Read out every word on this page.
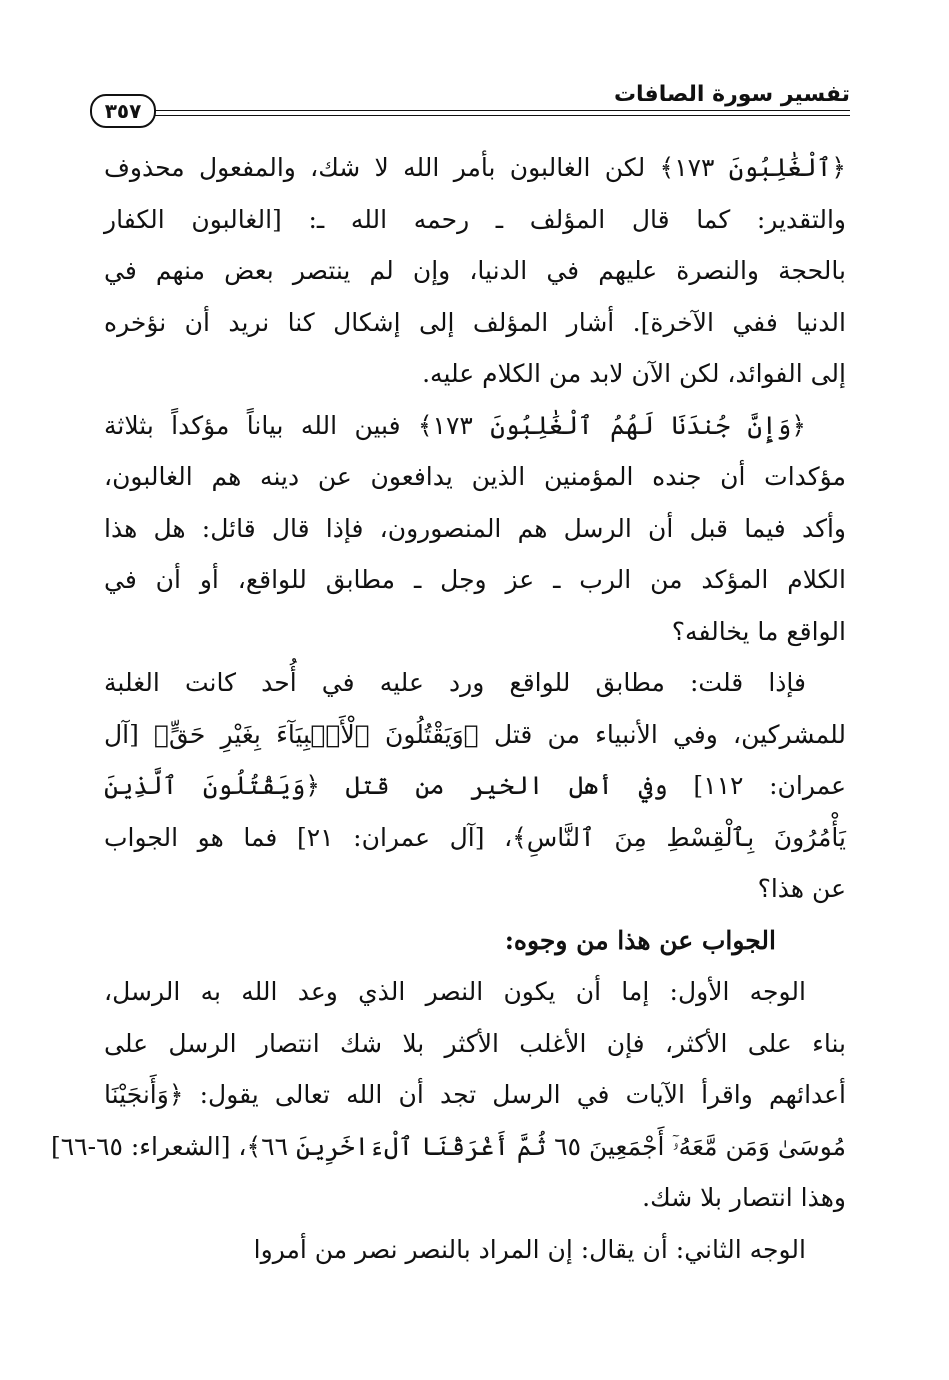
تفسير سورة الصافات
٣٥٧
﴿ٱلْغَٰلِبُونَ ١٧٣﴾ لكن الغالبون بأمر الله لا شك، والمفعول محذوف
والتقدير: كما قال المؤلف ـ رحمه الله ـ: [الغالبون الكفار
بالحجة والنصرة عليهم في الدنيا، وإن لم ينتصر بعض منهم في
الدنيا ففي الآخرة]. أشار المؤلف إلى إشكال كنا نريد أن نؤخره
إلى الفوائد، لكن الآن لابد من الكلام عليه.
﴿وَإِنَّ جُندَنَا لَهُمُ ٱلْغَٰلِبُونَ ١٧٣﴾ فبين الله بياناً مؤكداً بثلاثة
مؤكدات أن جنده المؤمنين الذين يدافعون عن دينه هم الغالبون،
وأكد فيما قبل أن الرسل هم المنصورون، فإذا قال قائل: هل هذا
الكلام المؤكد من الرب ـ عز وجل ـ مطابق للواقع، أو أن في
الواقع ما يخالفه؟
فإذا قلت: مطابق للواقع ورد عليه في أُحد كانت الغلبة
للمشركين، وفي الأنبياء من قتل ﴿وَيَقْتُلُونَ ٱلْأَنۢبِيَآءَ بِغَيْرِ حَقٍّ﴾ [آل
عمران: ١١٢] وفي أهل الخير من قتل ﴿وَيَقْتُلُونَ ٱلَّذِينَ
يَأْمُرُونَ بِٱلْقِسْطِ مِنَ ٱلنَّاسِ﴾، [آل عمران: ٢١] فما هو الجواب
عن هذا؟
الجواب عن هذا من وجوه:
الوجه الأول: إما أن يكون النصر الذي وعد الله به الرسل،
بناء على الأكثر، فإن الأغلب الأكثر بلا شك انتصار الرسل على
أعدائهم واقرأ الآيات في الرسل تجد أن الله تعالى يقول: ﴿وَأَنجَيْنَا
مُوسَىٰ وَمَن مَّعَهُۥٓ أَجْمَعِينَ ٦٥ ثُمَّ أَغْرَقْنَا ٱلْءَاخَرِينَ ٦٦﴾، [الشعراء: ٦٥-٦٦]
وهذا انتصار بلا شك.
الوجه الثاني: أن يقال: إن المراد بالنصر نصر من أمروا
